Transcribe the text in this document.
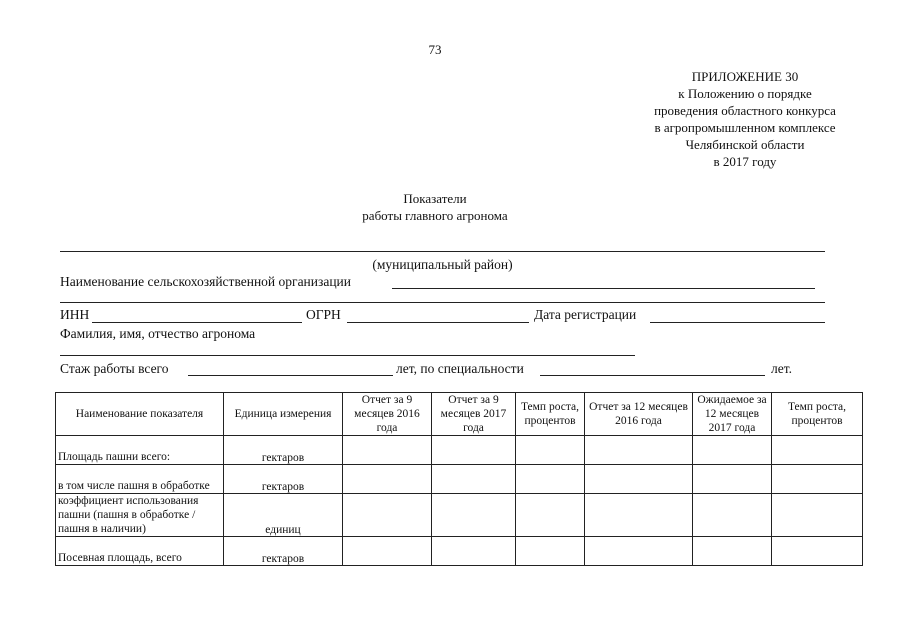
73
ПРИЛОЖЕНИЕ 30
к Положению о порядке
проведения областного конкурса
в агропромышленном комплексе
Челябинской области
в 2017 году
Показатели
работы главного агронома
(муниципальный район)
Наименование сельскохозяйственной организации
ИНН	ОГРН	Дата регистрации
Фамилия, имя, отчество агронома
Стаж работы всего	лет, по специальности	лет.
Наименование показателя	Единица измерения	Отчет за 9 месяцев 2016 года	Отчет за 9 месяцев 2017 года	Темп роста, процентов	Отчет за 12 месяцев 2016 года	Ожидаемое за 12 месяцев 2017 года	Темп роста, процентов
Площадь пашни всего:	гектаров						
в том числе пашня в обработке	гектаров						
коэффициент использования пашни (пашня в обработке / пашня в наличии)	единиц						
Посевная площадь, всего	гектаров						
